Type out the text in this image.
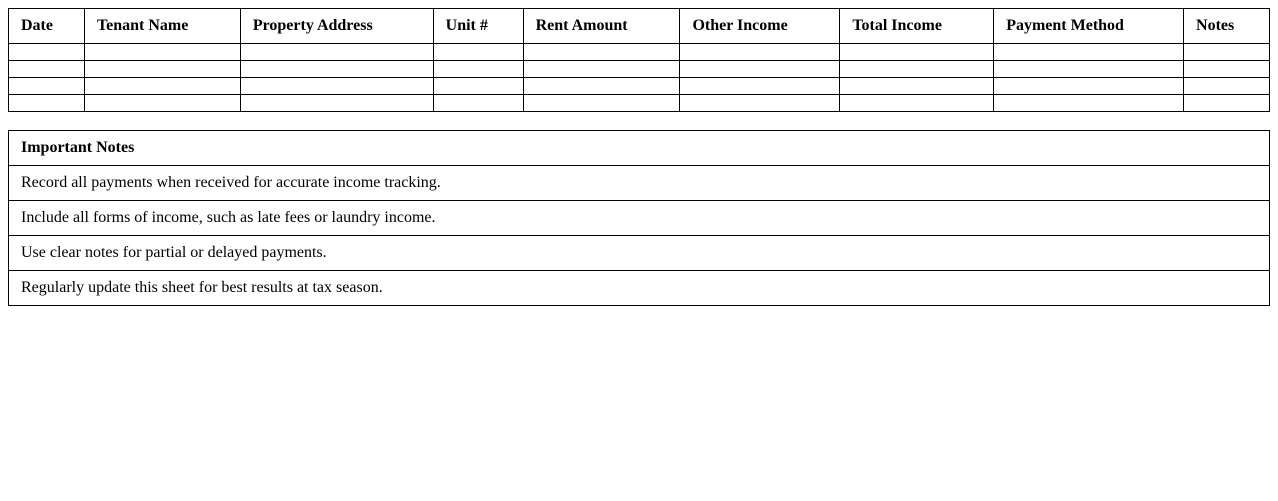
Date	Tenant Name	Property Address	Unit #	Rent Amount	Other Income	Total Income	Payment Method	Notes

Important Notes
Record all payments when received for accurate income tracking.
Include all forms of income, such as late fees or laundry income.
Use clear notes for partial or delayed payments.
Regularly update this sheet for best results at tax season.
